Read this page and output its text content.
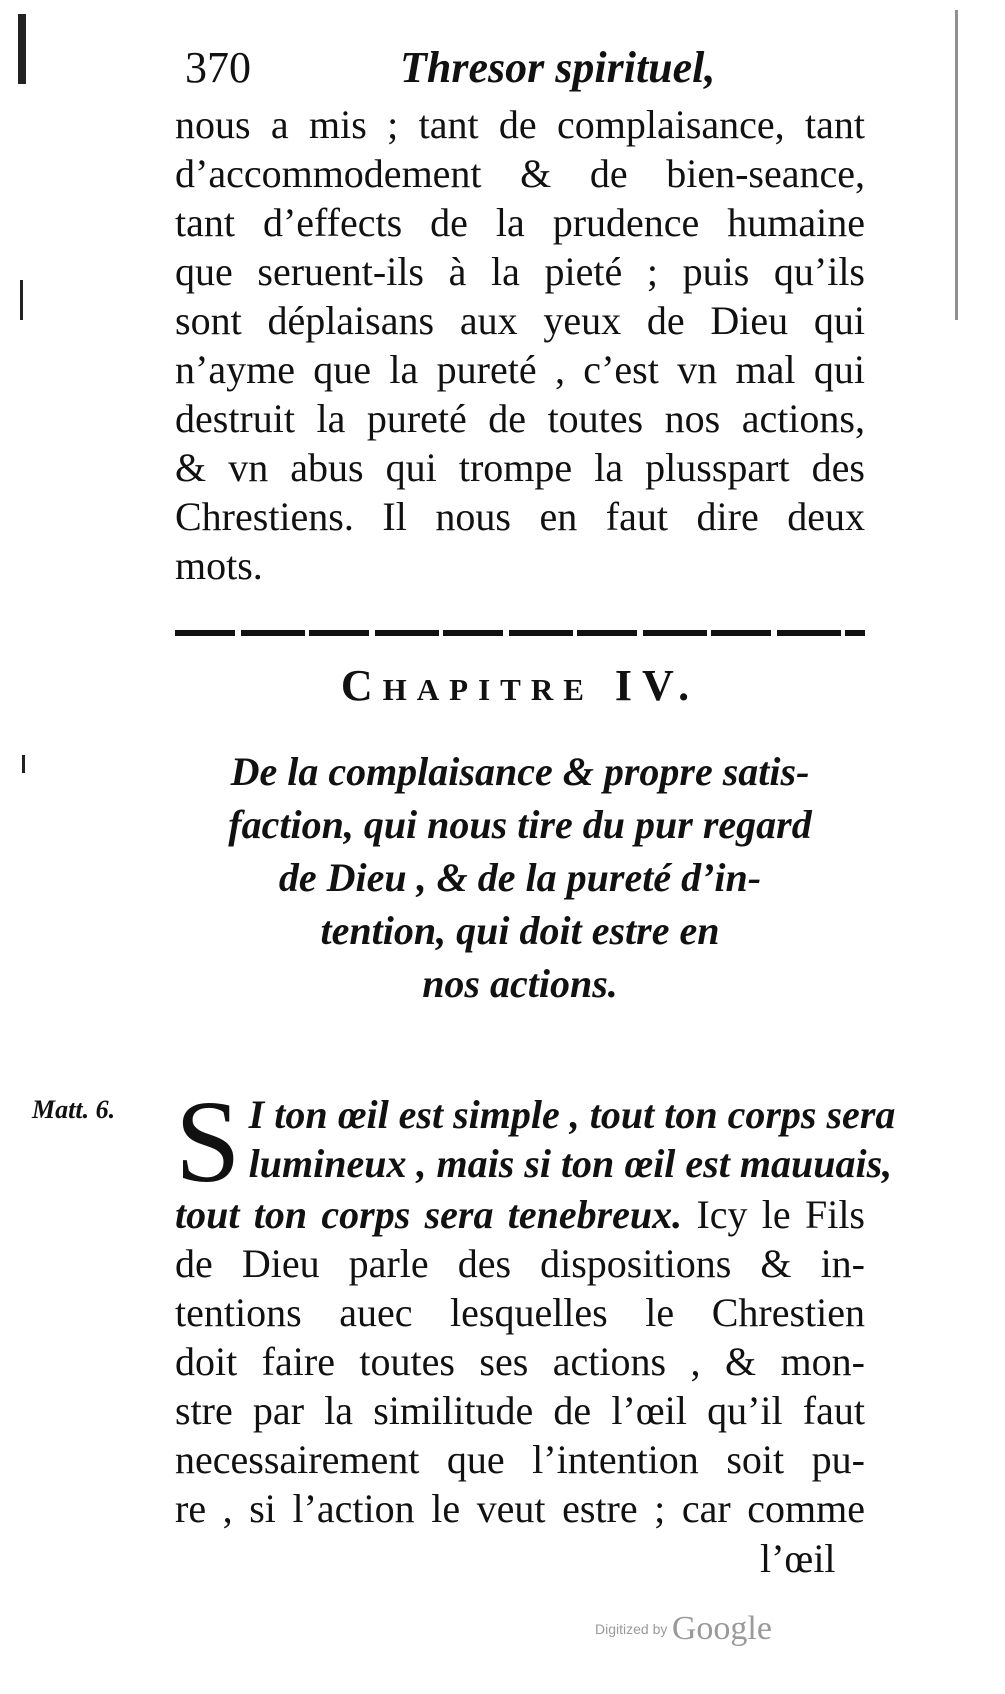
370	Thresor spirituel,
nous a mis ; tant de complaisance, tant
d’accommodement & de bien-seance,
tant d’effects de la prudence humaine
que seruent-ils à la pieté ; puis qu’ils
sont déplaisans aux yeux de Dieu qui
n’ayme que la pureté , c’est vn mal qui
destruit la pureté de toutes nos actions,
& vn abus qui trompe la plusspart des
Chrestiens. Il nous en faut dire deux
mots.
Chapitre IV.
De la complaisance & propre satis-
faction, qui nous tire du pur regard
de Dieu , & de la pureté d’in-
tention, qui doit estre en
nos actions.
Matt. 6. S I ton œil est simple , tout ton corps sera
lumineux , mais si ton œil est mauuais,
tout ton corps sera tenebreux. Icy le Fils
de Dieu parle des dispositions & in-
tentions auec lesquelles le Chrestien
doit faire toutes ses actions , & mon-
stre par la similitude de l’œil qu’il faut
necessairement que l’intention soit pu-
re , si l’action le veut estre ; car comme
l’œil
Digitized by Google
